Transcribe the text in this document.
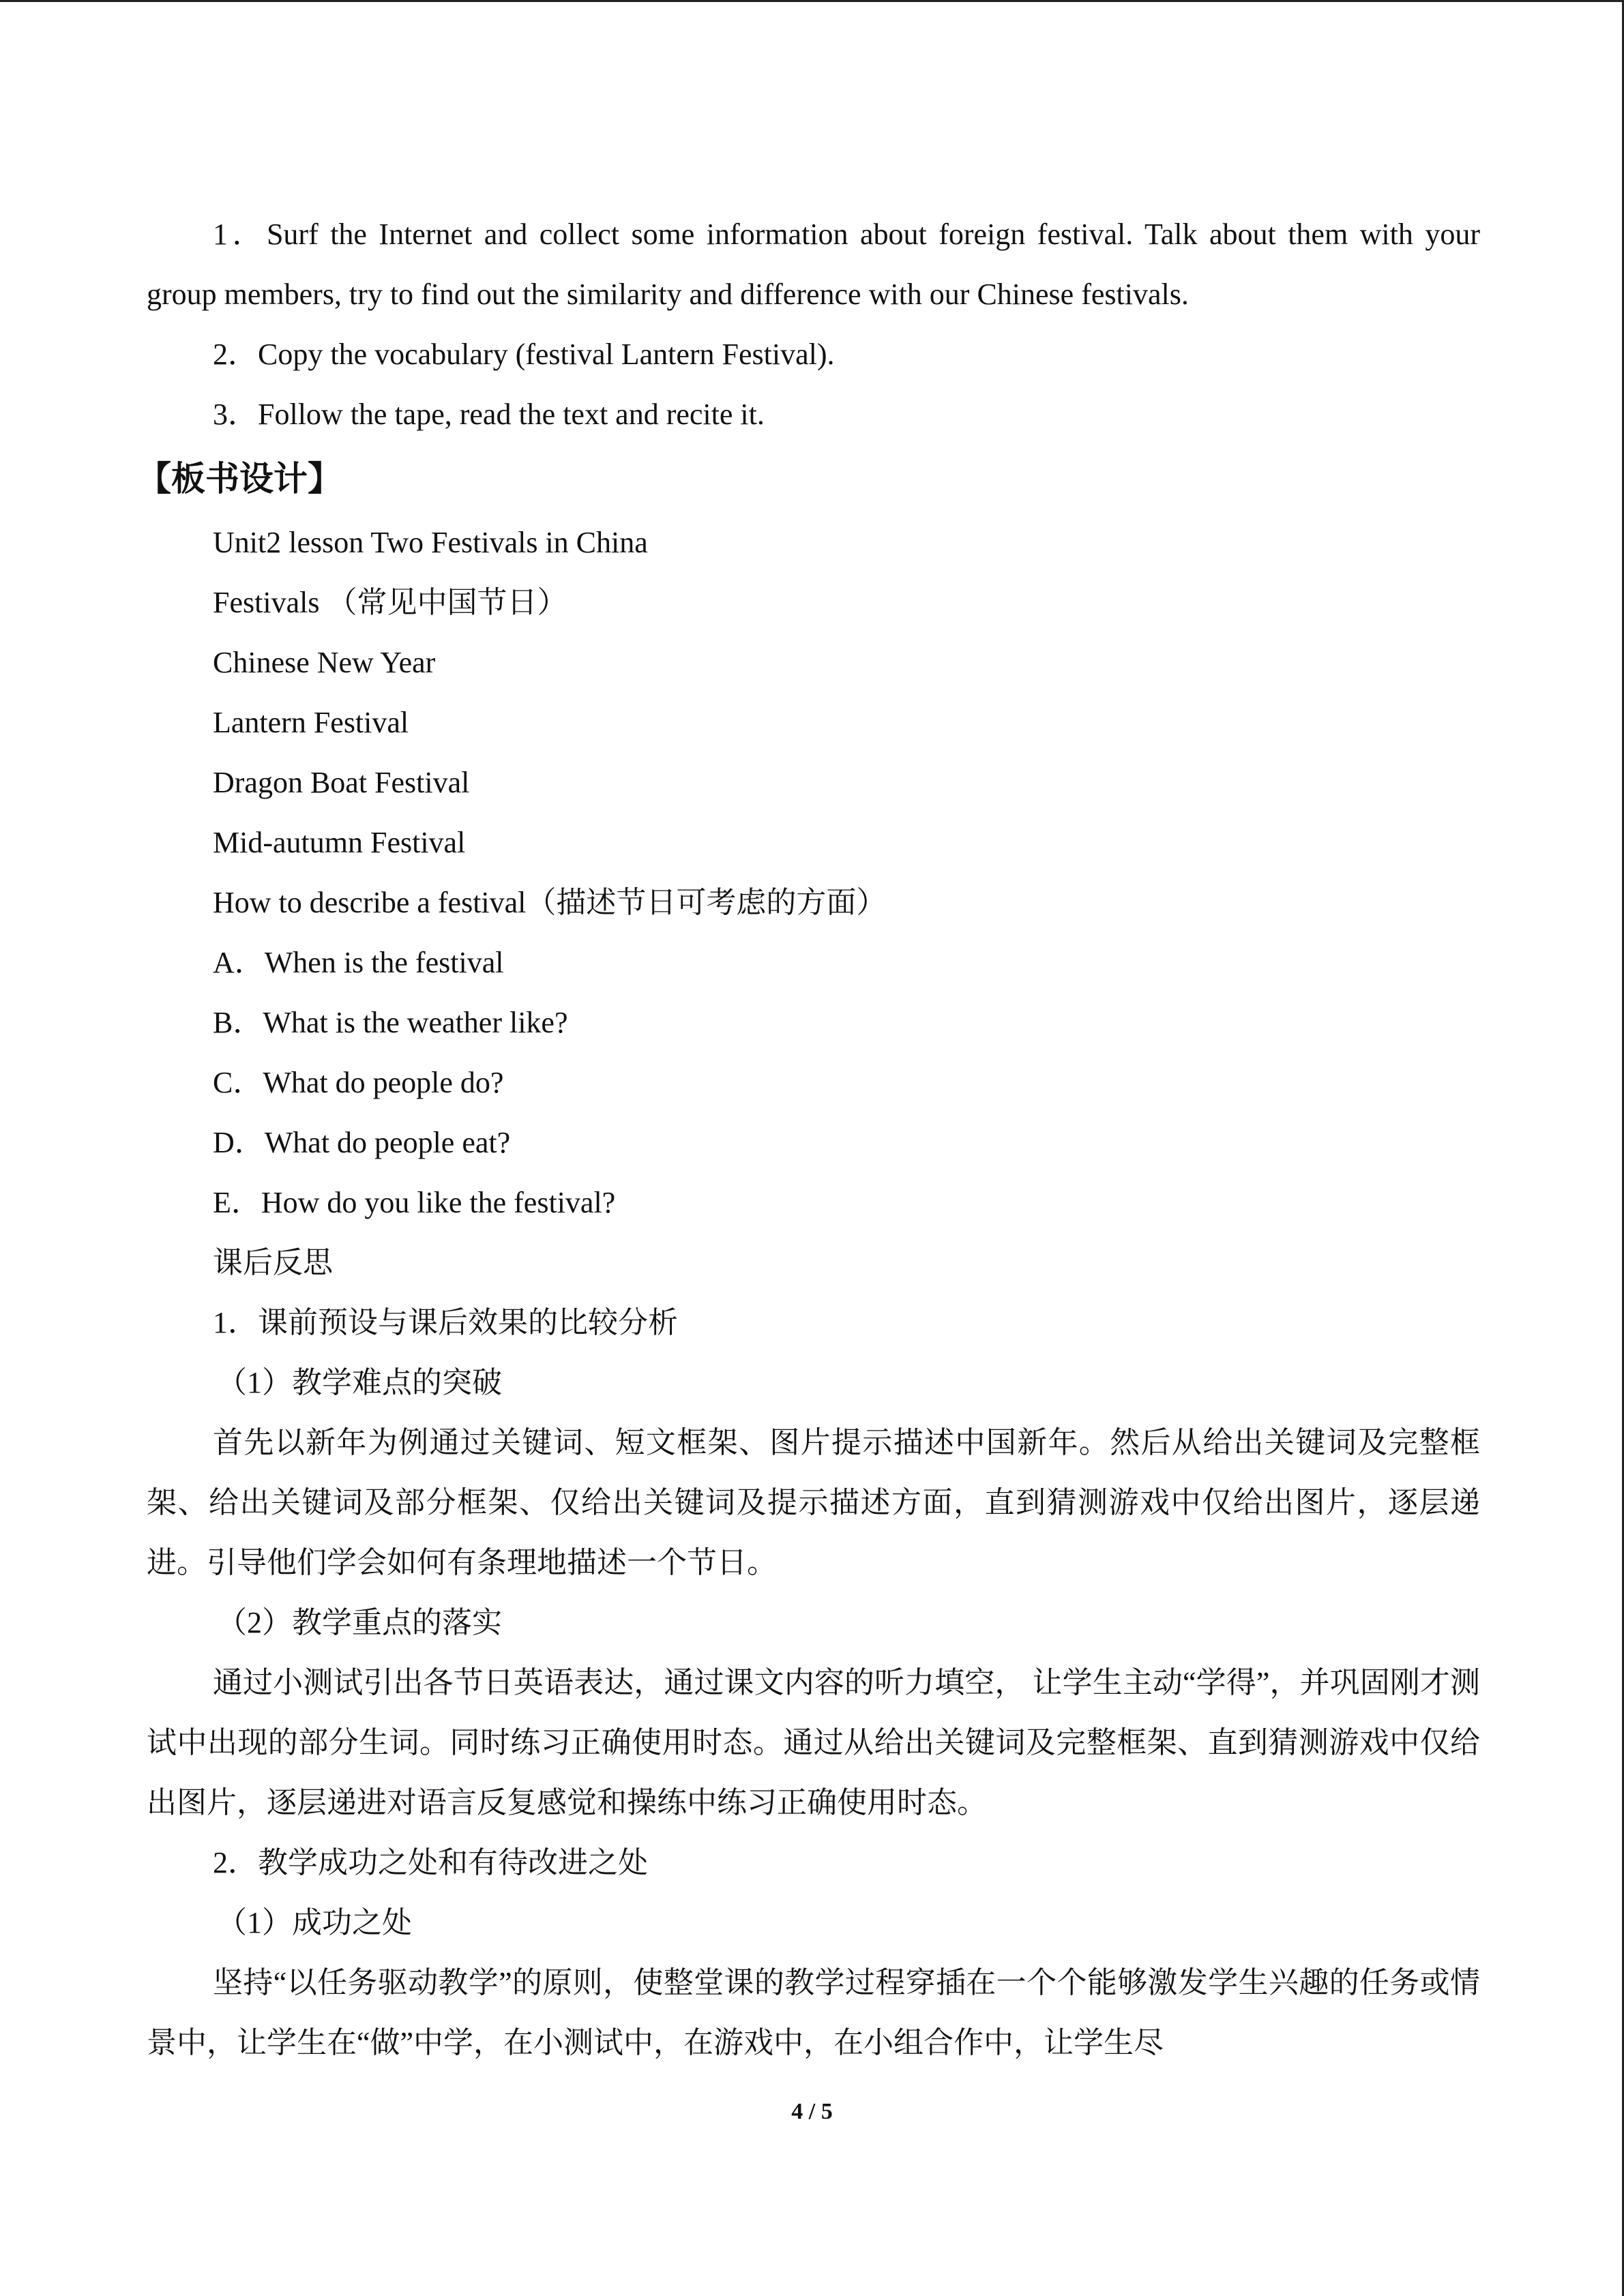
1．Surf the Internet and collect some information about foreign festival. Talk about them with your group members, try to find out the similarity and difference with our Chinese festivals.

2．Copy the vocabulary (festival Lantern Festival).

3．Follow the tape, read the text and recite it.

【板书设计】

Unit2 lesson Two Festivals in China

Festivals （常见中国节日）

Chinese New Year

Lantern Festival

Dragon Boat Festival

Mid-autumn Festival

How to describe a festival（描述节日可考虑的方面）

A．When is the festival

B．What is the weather like?

C．What do people do?

D．What do people eat?

E．How do you like the festival?

课后反思

1．课前预设与课后效果的比较分析

（1）教学难点的突破

首先以新年为例通过关键词、短文框架、图片提示描述中国新年。然后从给出关键词及完整框架、给出关键词及部分框架、仅给出关键词及提示描述方面，直到猜测游戏中仅给出图片，逐层递进。引导他们学会如何有条理地描述一个节日。

（2）教学重点的落实

通过小测试引出各节日英语表达，通过课文内容的听力填空， 让学生主动“学得”，并巩固刚才测试中出现的部分生词。同时练习正确使用时态。通过从给出关键词及完整框架、直到猜测游戏中仅给出图片，逐层递进对语言反复感觉和操练中练习正确使用时态。

2．教学成功之处和有待改进之处

（1）成功之处

坚持“以任务驱动教学”的原则，使整堂课的教学过程穿插在一个个能够激发学生兴趣的任务或情景中，让学生在“做”中学，在小测试中，在游戏中，在小组合作中，让学生尽

4 / 5
